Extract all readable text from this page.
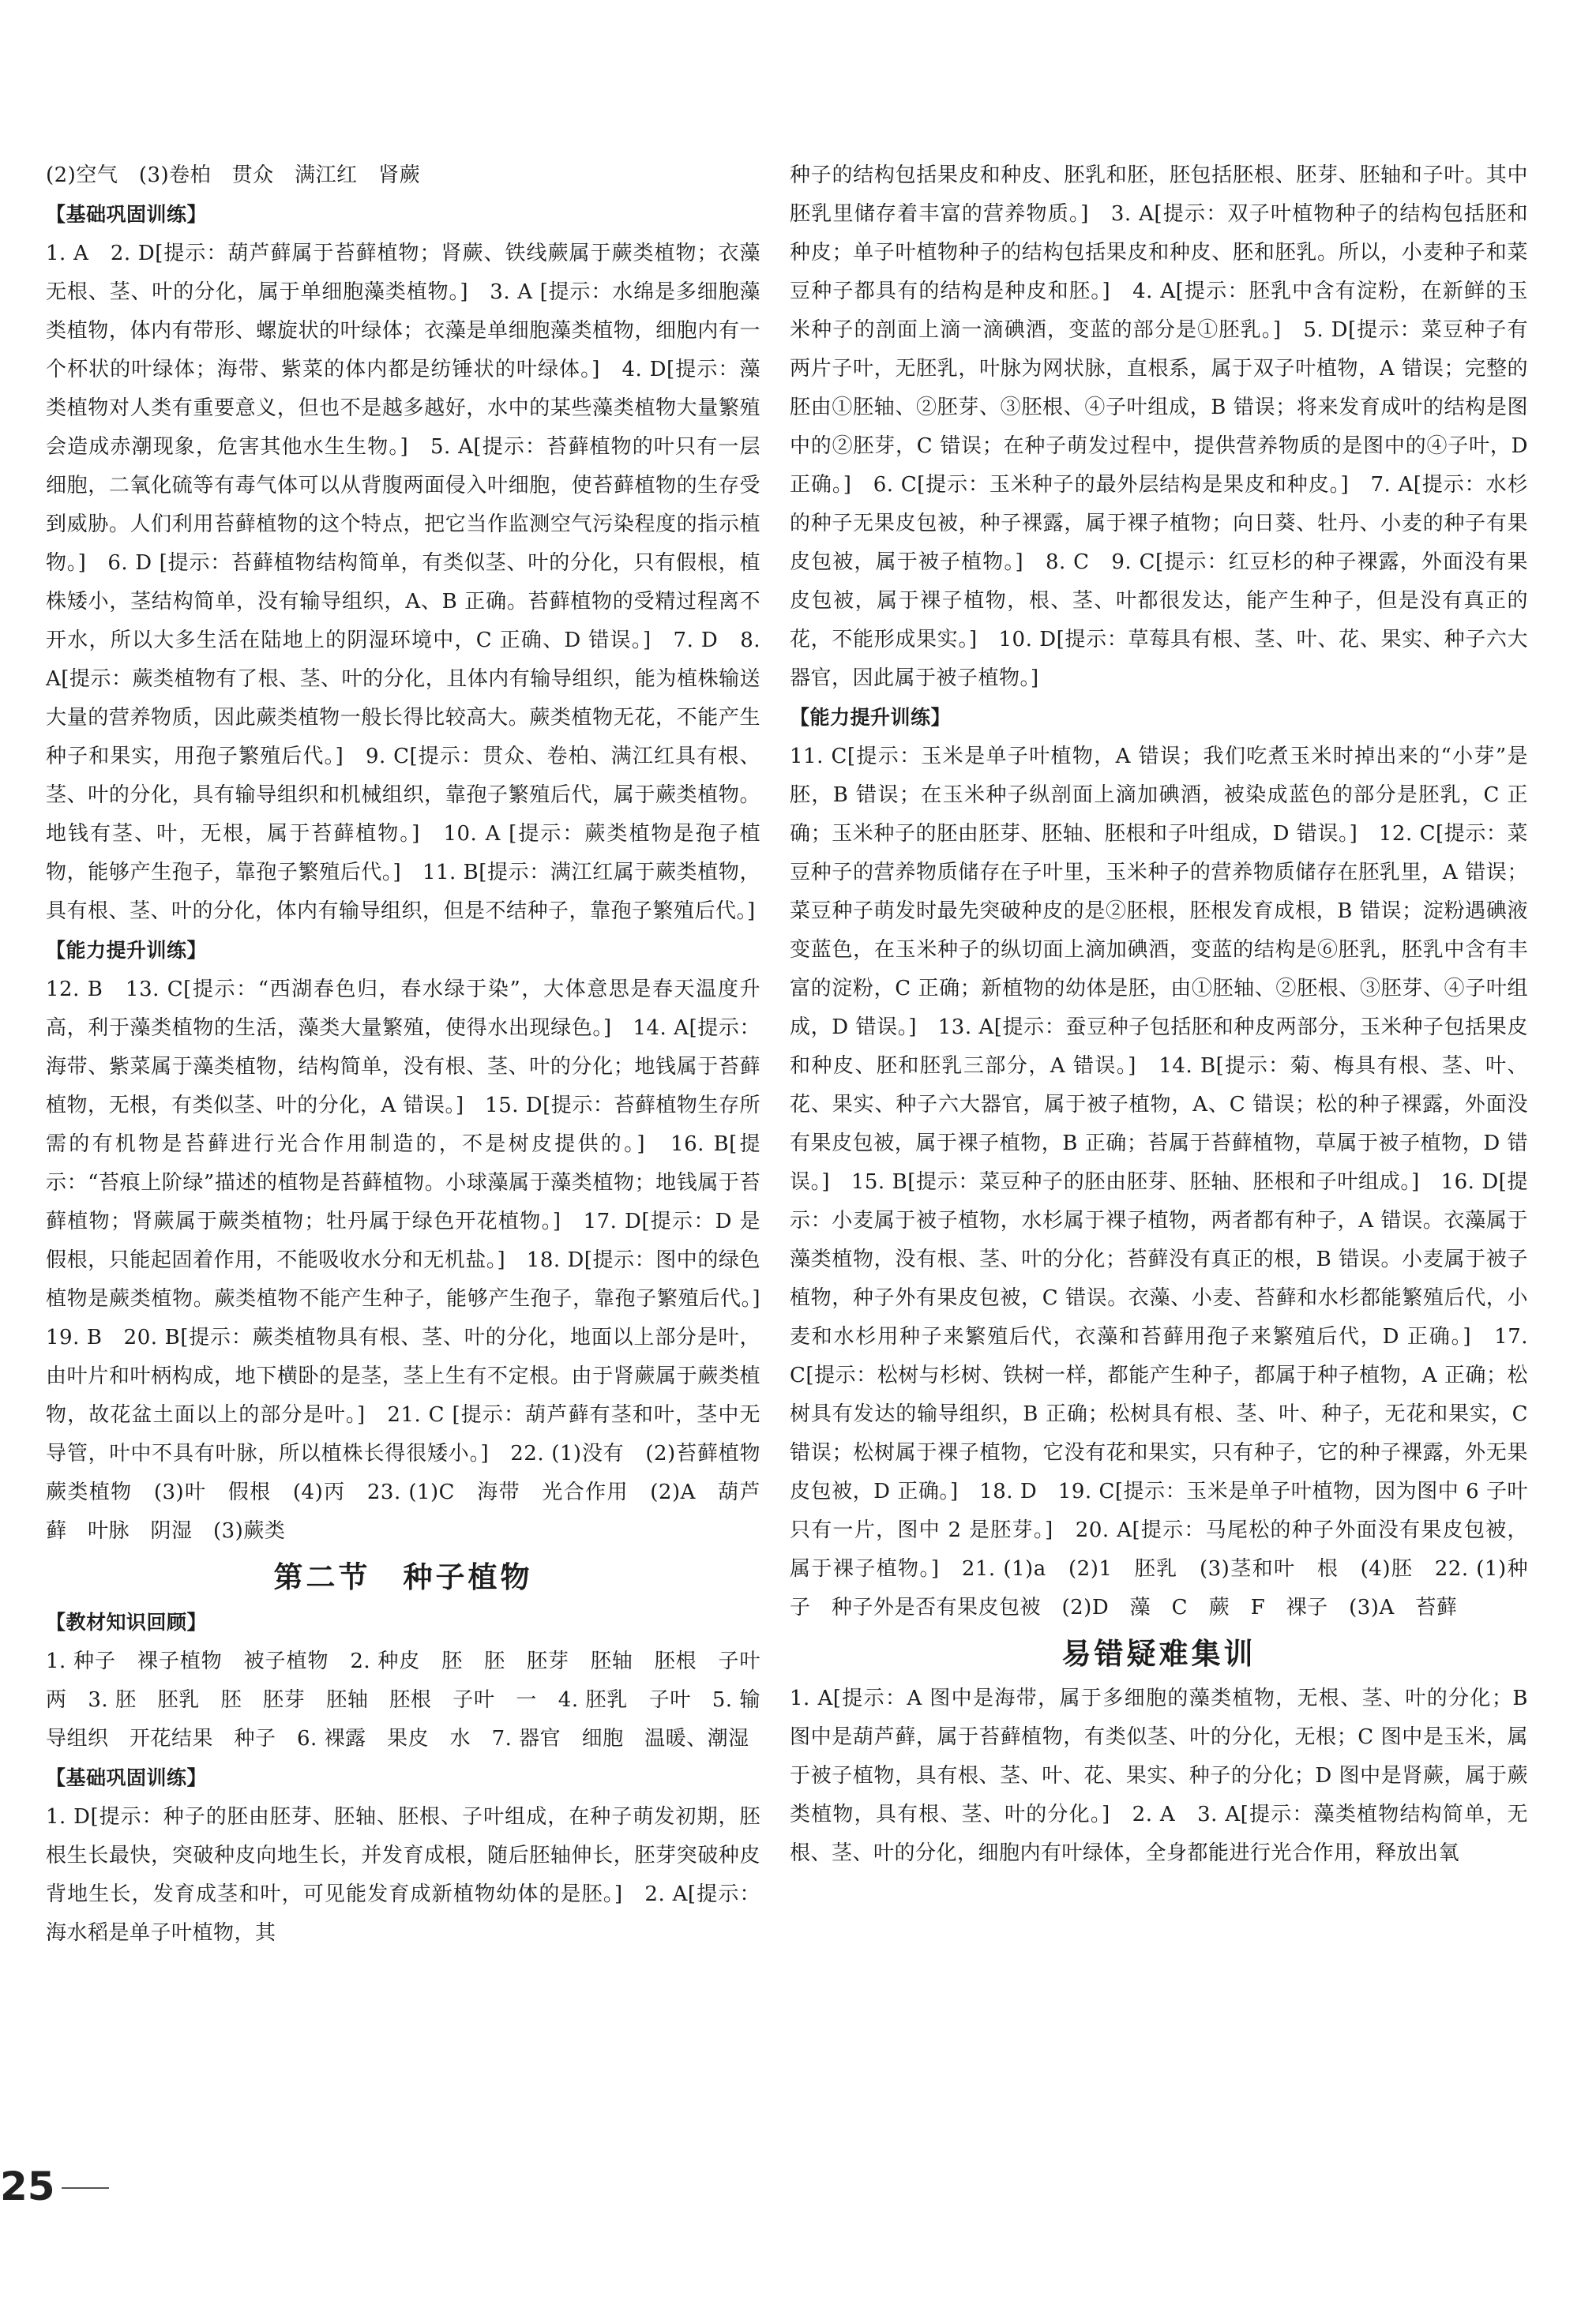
(2)空气　(3)卷柏　贯众　满江红　肾蕨

【 基础巩固训练 】

1. A　2. D[提示：葫芦藓属于苔藓植物；肾蕨、铁线蕨属于蕨类植物；衣藻无根、茎、叶的分化，属于单细胞藻类植物。]　3. A [提示：水绵是多细胞藻类植物，体内有带形、螺旋状的叶绿体；衣藻是单细胞藻类植物，细胞内有一个杯状的叶绿体；海带、紫菜的体内都是纺锤状的叶绿体。]　4. D[提示：藻类植物对人类有重要意义，但也不是越多越好，水中的某些藻类植物大量繁殖会造成赤潮现象，危害其他水生生物。]　5. A[提示：苔藓植物的叶只有一层细胞，二氧化硫等有毒气体可以从背腹两面侵入叶细胞，使苔藓植物的生存受到威胁。人们利用苔藓植物的这个特点，把它当作监测空气污染程度的指示植物。]　6. D [提示：苔藓植物结构简单，有类似茎、叶的分化，只有假根，植株矮小，茎结构简单，没有输导组织，A、B 正确。苔藓植物的受精过程离不开水，所以大多生活在陆地上的阴湿环境中，C 正确、D 错误。]　7. D　8. A[提示：蕨类植物有了根、茎、叶的分化，且体内有输导组织，能为植株输送大量的营养物质，因此蕨类植物一般长得比较高大。蕨类植物无花，不能产生种子和果实，用孢子繁殖后代。]　9. C[提示：贯众、卷柏、满江红具有根、茎、叶的分化，具有输导组织和机械组织，靠孢子繁殖后代，属于蕨类植物。地钱有茎、叶，无根，属于苔藓植物。]　10. A [提示：蕨类植物是孢子植物，能够产生孢子，靠孢子繁殖后代。]　11. B[提示：满江红属于蕨类植物，具有根、茎、叶的分化，体内有输导组织，但是不结种子，靠孢子繁殖后代。]

【 能力提升训练 】

12. B　13. C[提示：“西湖春色归，春水绿于染”，大体意思是春天温度升高，利于藻类植物的生活，藻类大量繁殖，使得水出现绿色。]　14. A[提示：海带、紫菜属于藻类植物，结构简单，没有根、茎、叶的分化；地钱属于苔藓植物，无根，有类似茎、叶的分化，A 错误。]　15. D[提示：苔藓植物生存所需的有机物是苔藓进行光合作用制造的，不是树皮提供的。]　16. B[提示：“苔痕上阶绿”描述的植物是苔藓植物。小球藻属于藻类植物；地钱属于苔藓植物；肾蕨属于蕨类植物；牡丹属于绿色开花植物。]　17. D[提示：D 是假根，只能起固着作用，不能吸收水分和无机盐。]　18. D[提示：图中的绿色植物是蕨类植物。蕨类植物不能产生种子，能够产生孢子，靠孢子繁殖后代。]　19. B　20. B[提示：蕨类植物具有根、茎、叶的分化，地面以上部分是叶，由叶片和叶柄构成，地下横卧的是茎，茎上生有不定根。由于肾蕨属于蕨类植物，故花盆土面以上的部分是叶。]　21. C [提示：葫芦藓有茎和叶，茎中无导管，叶中不具有叶脉，所以植株长得很矮小。]　22. (1)没有　(2)苔藓植物　蕨类植物　(3)叶　假根　(4)丙　23. (1)C　海带　光合作用　(2)A　葫芦藓　叶脉　阴湿　(3)蕨类

第二节　种子植物

【 教材知识回顾 】

1. 种子　裸子植物　被子植物　2. 种皮　胚　胚　胚芽　胚轴　胚根　子叶　两　3. 胚　胚乳　胚　胚芽　胚轴　胚根　子叶　一　4. 胚乳　子叶　5. 输导组织　开花结果　种子　6. 裸露　果皮　水　7. 器官　细胞　温暖、潮湿

【 基础巩固训练 】

1. D[提示：种子的胚由胚芽、胚轴、胚根、子叶组成，在种子萌发初期，胚根生长最快，突破种皮向地生长，并发育成根，随后胚轴伸长，胚芽突破种皮背地生长，发育成茎和叶，可见能发育成新植物幼体的是胚。]　2. A[提示：海水稻是单子叶植物，其

种子的结构包括果皮和种皮、胚乳和胚，胚包括胚根、胚芽、胚轴和子叶。其中胚乳里储存着丰富的营养物质。]　3. A[提示：双子叶植物种子的结构包括胚和种皮；单子叶植物种子的结构包括果皮和种皮、胚和胚乳。所以，小麦种子和菜豆种子都具有的结构是种皮和胚。]　4. A[提示：胚乳中含有淀粉，在新鲜的玉米种子的剖面上滴一滴碘酒，变蓝的部分是①胚乳。]　5. D[提示：菜豆种子有两片子叶，无胚乳，叶脉为网状脉，直根系，属于双子叶植物，A 错误；完整的胚由①胚轴、②胚芽、③胚根、④子叶组成，B 错误；将来发育成叶的结构是图中的②胚芽，C 错误；在种子萌发过程中，提供营养物质的是图中的④子叶，D 正确。]　6. C[提示：玉米种子的最外层结构是果皮和种皮。]　7. A[提示：水杉的种子无果皮包被，种子裸露，属于裸子植物；向日葵、牡丹、小麦的种子有果皮包被，属于被子植物。]　8. C　9. C[提示：红豆杉的种子裸露，外面没有果皮包被，属于裸子植物，根、茎、叶都很发达，能产生种子，但是没有真正的花，不能形成果实。]　10. D[提示：草莓具有根、茎、叶、花、果实、种子六大器官，因此属于被子植物。]

【 能力提升训练 】

11. C[提示：玉米是单子叶植物，A 错误；我们吃煮玉米时掉出来的“小芽”是胚，B 错误；在玉米种子纵剖面上滴加碘酒，被染成蓝色的部分是胚乳，C 正确；玉米种子的胚由胚芽、胚轴、胚根和子叶组成，D 错误。]　12. C[提示：菜豆种子的营养物质储存在子叶里，玉米种子的营养物质储存在胚乳里，A 错误；菜豆种子萌发时最先突破种皮的是②胚根，胚根发育成根，B 错误；淀粉遇碘液变蓝色，在玉米种子的纵切面上滴加碘酒，变蓝的结构是⑥胚乳，胚乳中含有丰富的淀粉，C 正确；新植物的幼体是胚，由①胚轴、②胚根、③胚芽、④子叶组成，D 错误。]　13. A[提示：蚕豆种子包括胚和种皮两部分，玉米种子包括果皮和种皮、胚和胚乳三部分，A 错误。]　14. B[提示：菊、梅具有根、茎、叶、花、果实、种子六大器官，属于被子植物，A、C 错误；松的种子裸露，外面没有果皮包被，属于裸子植物，B 正确；苔属于苔藓植物，草属于被子植物，D 错误。]　15. B[提示：菜豆种子的胚由胚芽、胚轴、胚根和子叶组成。]　16. D[提示：小麦属于被子植物，水杉属于裸子植物，两者都有种子，A 错误。衣藻属于藻类植物，没有根、茎、叶的分化；苔藓没有真正的根，B 错误。小麦属于被子植物，种子外有果皮包被，C 错误。衣藻、小麦、苔藓和水杉都能繁殖后代，小麦和水杉用种子来繁殖后代，衣藻和苔藓用孢子来繁殖后代，D 正确。]　17. C[提示：松树与杉树、铁树一样，都能产生种子，都属于种子植物，A 正确；松树具有发达的输导组织，B 正确；松树具有根、茎、叶、种子，无花和果实，C 错误；松树属于裸子植物，它没有花和果实，只有种子，它的种子裸露，外无果皮包被，D 正确。]　18. D　19. C[提示：玉米是单子叶植物，因为图中 6 子叶只有一片，图中 2 是胚芽。]　20. A[提示：马尾松的种子外面没有果皮包被，属于裸子植物。]　21. (1)a　(2)1　胚乳　(3)茎和叶　根　(4)胚　22. (1)种子　种子外是否有果皮包被　(2)D　藻　C　蕨　F　裸子　(3)A　苔藓

易错疑难集训

1. A[提示：A 图中是海带，属于多细胞的藻类植物，无根、茎、叶的分化；B 图中是葫芦藓，属于苔藓植物，有类似茎、叶的分化，无根；C 图中是玉米，属于被子植物，具有根、茎、叶、花、果实、种子的分化；D 图中是肾蕨，属于蕨类植物，具有根、茎、叶的分化。]　2. A　3. A[提示：藻类植物结构简单，无根、茎、叶的分化，细胞内有叶绿体，全身都能进行光合作用，释放出氧

25
